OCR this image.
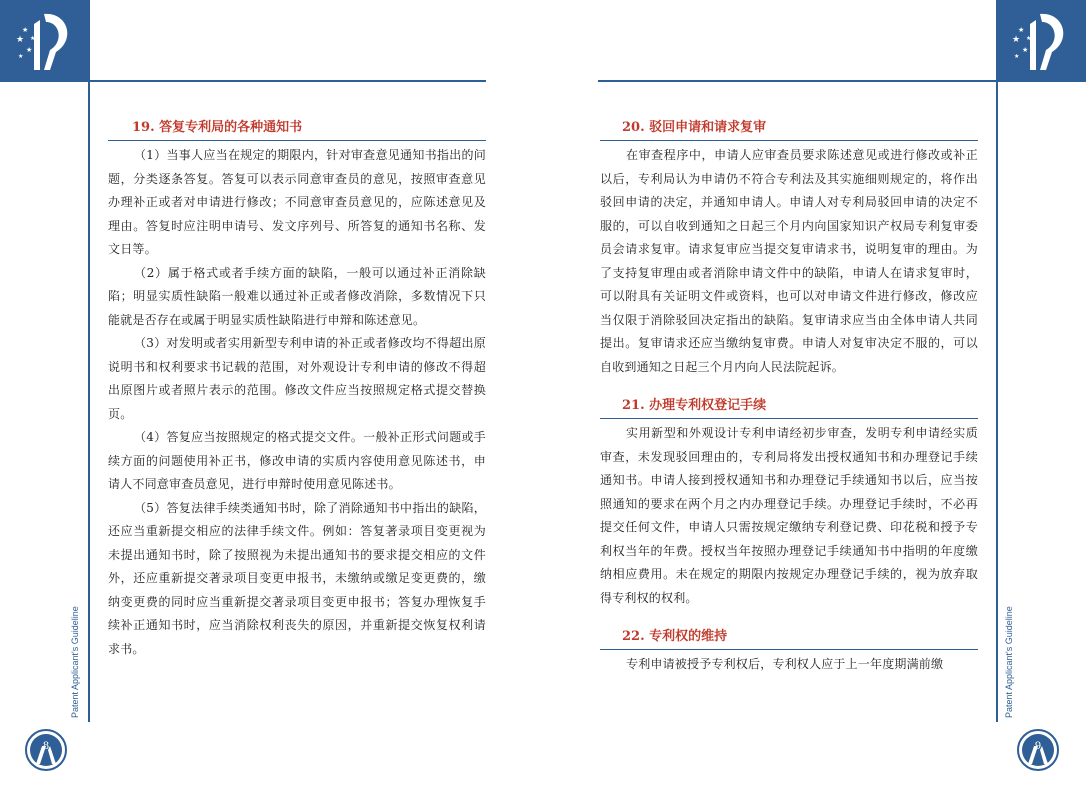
★
★
★
★
★
★
★
★
★
★
Patent Applicant's Guideline	Patent Applicant's Guideline
19. 答复专利局的各种通知书

（1）当事人应当在规定的期限内，针对审查意见通知书指出的问题，分类逐条答复。答复可以表示同意审查员的意见，按照审查意见办理补正或者对申请进行修改；不同意审查员意见的，应陈述意见及理由。答复时应注明申请号、发文序列号、所答复的通知书名称、发文日等。

（2）属于格式或者手续方面的缺陷，一般可以通过补正消除缺陷；明显实质性缺陷一般难以通过补正或者修改消除，多数情况下只能就是否存在或属于明显实质性缺陷进行申辩和陈述意见。

（3）对发明或者实用新型专利申请的补正或者修改均不得超出原说明书和权利要求书记载的范围，对外观设计专利申请的修改不得超出原图片或者照片表示的范围。修改文件应当按照规定格式提交替换页。

（4）答复应当按照规定的格式提交文件。一般补正形式问题或手续方面的问题使用补正书，修改申请的实质内容使用意见陈述书，申请人不同意审查员意见，进行申辩时使用意见陈述书。

（5）答复法律手续类通知书时，除了消除通知书中指出的缺陷，还应当重新提交相应的法律手续文件。例如：答复著录项目变更视为未提出通知书时，除了按照视为未提出通知书的要求提交相应的文件外，还应重新提交著录项目变更申报书，未缴纳或缴足变更费的，缴纳变更费的同时应当重新提交著录项目变更申报书；答复办理恢复手续补正通知书时，应当消除权利丧失的原因，并重新提交恢复权利请求书。

20. 驳回申请和请求复审

在审查程序中，申请人应审查员要求陈述意见或进行修改或补正以后，专利局认为申请仍不符合专利法及其实施细则规定的，将作出驳回申请的决定，并通知申请人。申请人对专利局驳回申请的决定不服的，可以自收到通知之日起三个月内向国家知识产权局专利复审委员会请求复审。请求复审应当提交复审请求书，说明复审的理由。为了支持复审理由或者消除申请文件中的缺陷，申请人在请求复审时，可以附具有关证明文件或资料，也可以对申请文件进行修改，修改应当仅限于消除驳回决定指出的缺陷。复审请求应当由全体申请人共同提出。复审请求还应当缴纳复审费。申请人对复审决定不服的，可以自收到通知之日起三个月内向人民法院起诉。

21. 办理专利权登记手续

实用新型和外观设计专利申请经初步审查，发明专利申请经实质审查，未发现驳回理由的，专利局将发出授权通知书和办理登记手续通知书。申请人接到授权通知书和办理登记手续通知书以后，应当按照通知的要求在两个月之内办理登记手续。办理登记手续时，不必再提交任何文件，申请人只需按规定缴纳专利登记费、印花税和授予专利权当年的年费。授权当年按照办理登记手续通知书中指明的年度缴纳相应费用。未在规定的期限内按规定办理登记手续的，视为放弃取得专利权的权利。

22. 专利权的维持

专利申请被授予专利权后，专利权人应于上一年度期满前缴

8	9
